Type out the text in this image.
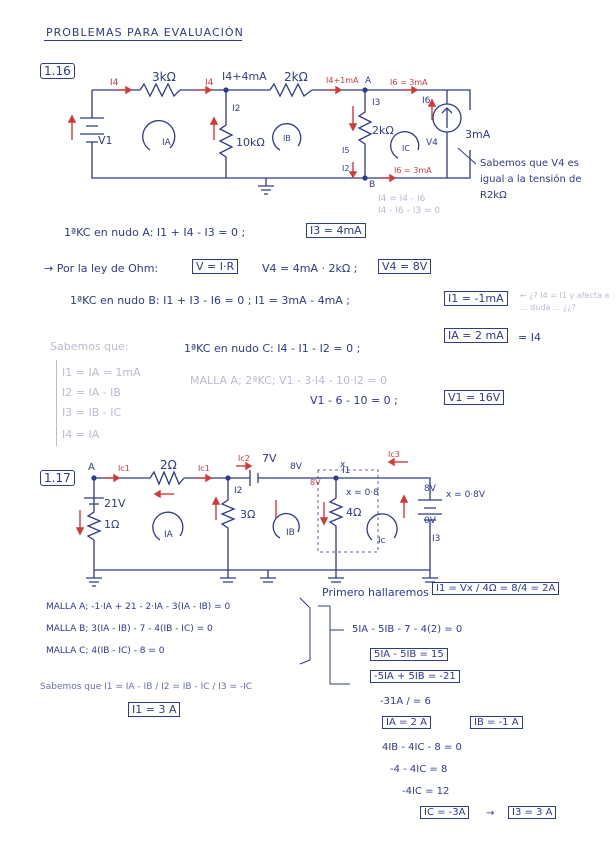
PROBLEMAS PARA EVALUACIÓN
1.16
I4	3kΩ	I4 I4+4mA 2kΩ I4+1mA A I6 = 3mA
I3
2kΩ
I6
3mA
V1	IA
I2
10kΩ IB	V4
IC
I5
I2
B
I6 = 3mA
Sabemos que V4 es igual a la tensión de R2kΩ
I4 = I4 - I6
I4 - I6 - I3 = 0
1ªKC en nudo A: I1 + I4 - I3 = 0 ;	I3 = 4mA
→ Por la ley de Ohm:	V = I·R	V4 = 4mA · 2kΩ ;	V4 = 8V
1ªKC en nudo B: I1 + I3 - I6 = 0 ; I1 = 3mA - 4mA ;	I1 = -1mA	← ¿? I4 = I1 y afecta a ... duda ... ¿¿?
Sabemos que:
I1 = IA = 1mA
I2 = IA - IB
I3 = IB - IC
I4 = IA
1ªKC en nudo C: I4 - I1 - I2 = 0 ;
IA = 2 mA	= I4
MALLA A; 2ªKC; V1 - 3·I4 - 10·I2 = 0
V1 - 6 - 10 = 0 ;	V1 = 16V
1.17
A	Ic1	2Ω	Ic1
Ic2 7V
8V	x
Ic3
21V
1Ω
IA
I2
3Ω
IB
I1
8V
x = 0·8
4Ω
Ic
8V
0V
I3
x = 0·8V
MALLA A; -1·IA + 21 - 2·IA - 3(IA - IB) = 0
MALLA B; 3(IA - IB) - 7 - 4(IB - IC) = 0
MALLA C; 4(IB - IC) - 8 = 0
Primero hallaremos I1 = Vx / 4Ω = 8/4 = 2A
Sabemos que I1 = IA - IB / I2 = IB - IC / I3 = -IC
I1 = 3 A
5IA - 5IB - 7 - 4(2) = 0
5IA - 5IB = 15
-5IA + 5IB = -21
-31A / = 6
IA = 2 A	IB = -1 A
4IB - 4IC - 8 = 0
-4 - 4IC = 8
-4IC = 12
IC = -3A	→	I3 = 3 A
